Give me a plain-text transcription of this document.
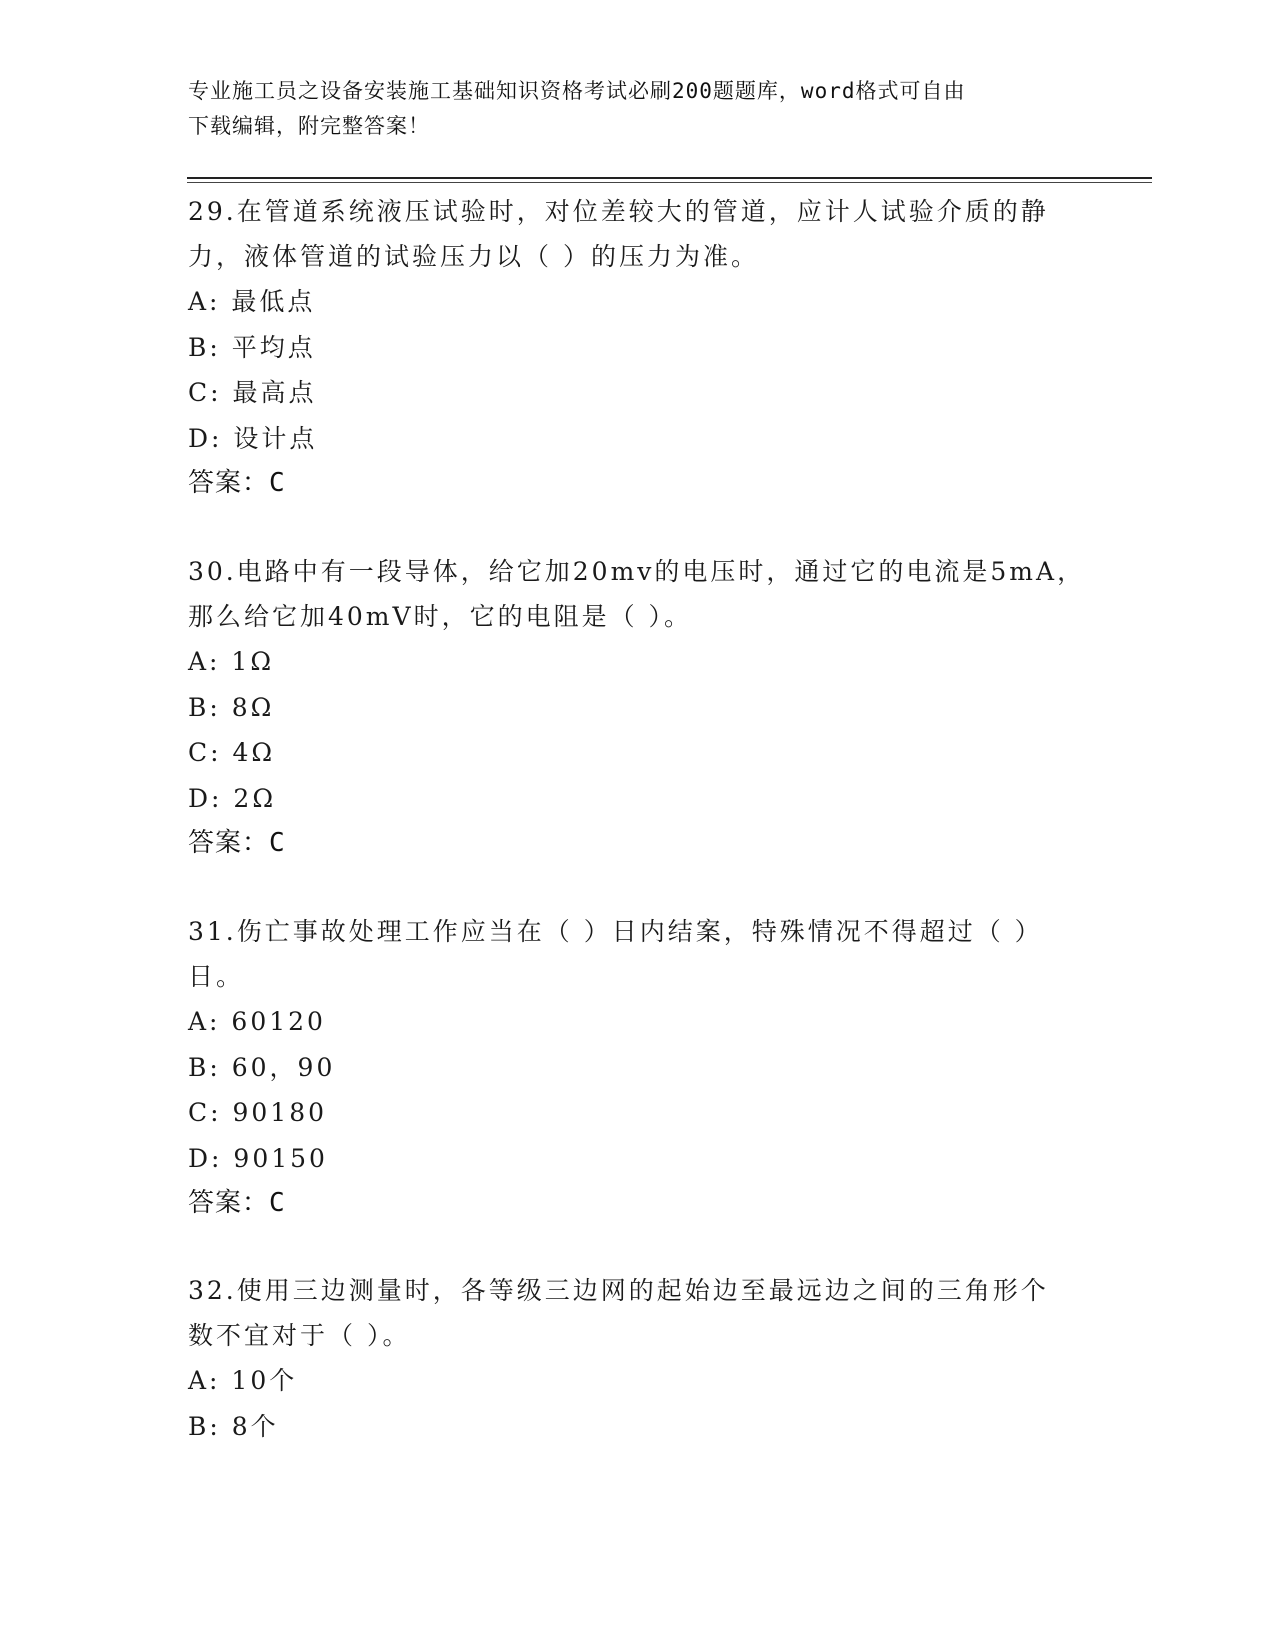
专业施工员之设备安装施工基础知识资格考试必刷200题题库，word格式可自由
下载编辑，附完整答案！

29.在管道系统液压试验时，对位差较大的管道，应计人试验介质的静

力，液体管道的试验压力以（ ）的压力为准。

A: 最低点

B: 平均点

C: 最高点

D: 设计点

答案：C

30.电路中有一段导体，给它加20mv的电压时，通过它的电流是5mA，

那么给它加40mV时，它的电阻是（ ）。

A: 1Ω

B: 8Ω

C: 4Ω

D: 2Ω

答案：C

31.伤亡事故处理工作应当在（ ）日内结案，特殊情况不得超过（ ）

日。

A: 60120

B: 60，90

C: 90180

D: 90150

答案：C

32.使用三边测量时，各等级三边网的起始边至最远边之间的三角形个

数不宜对于（ ）。

A: 10个

B: 8个
